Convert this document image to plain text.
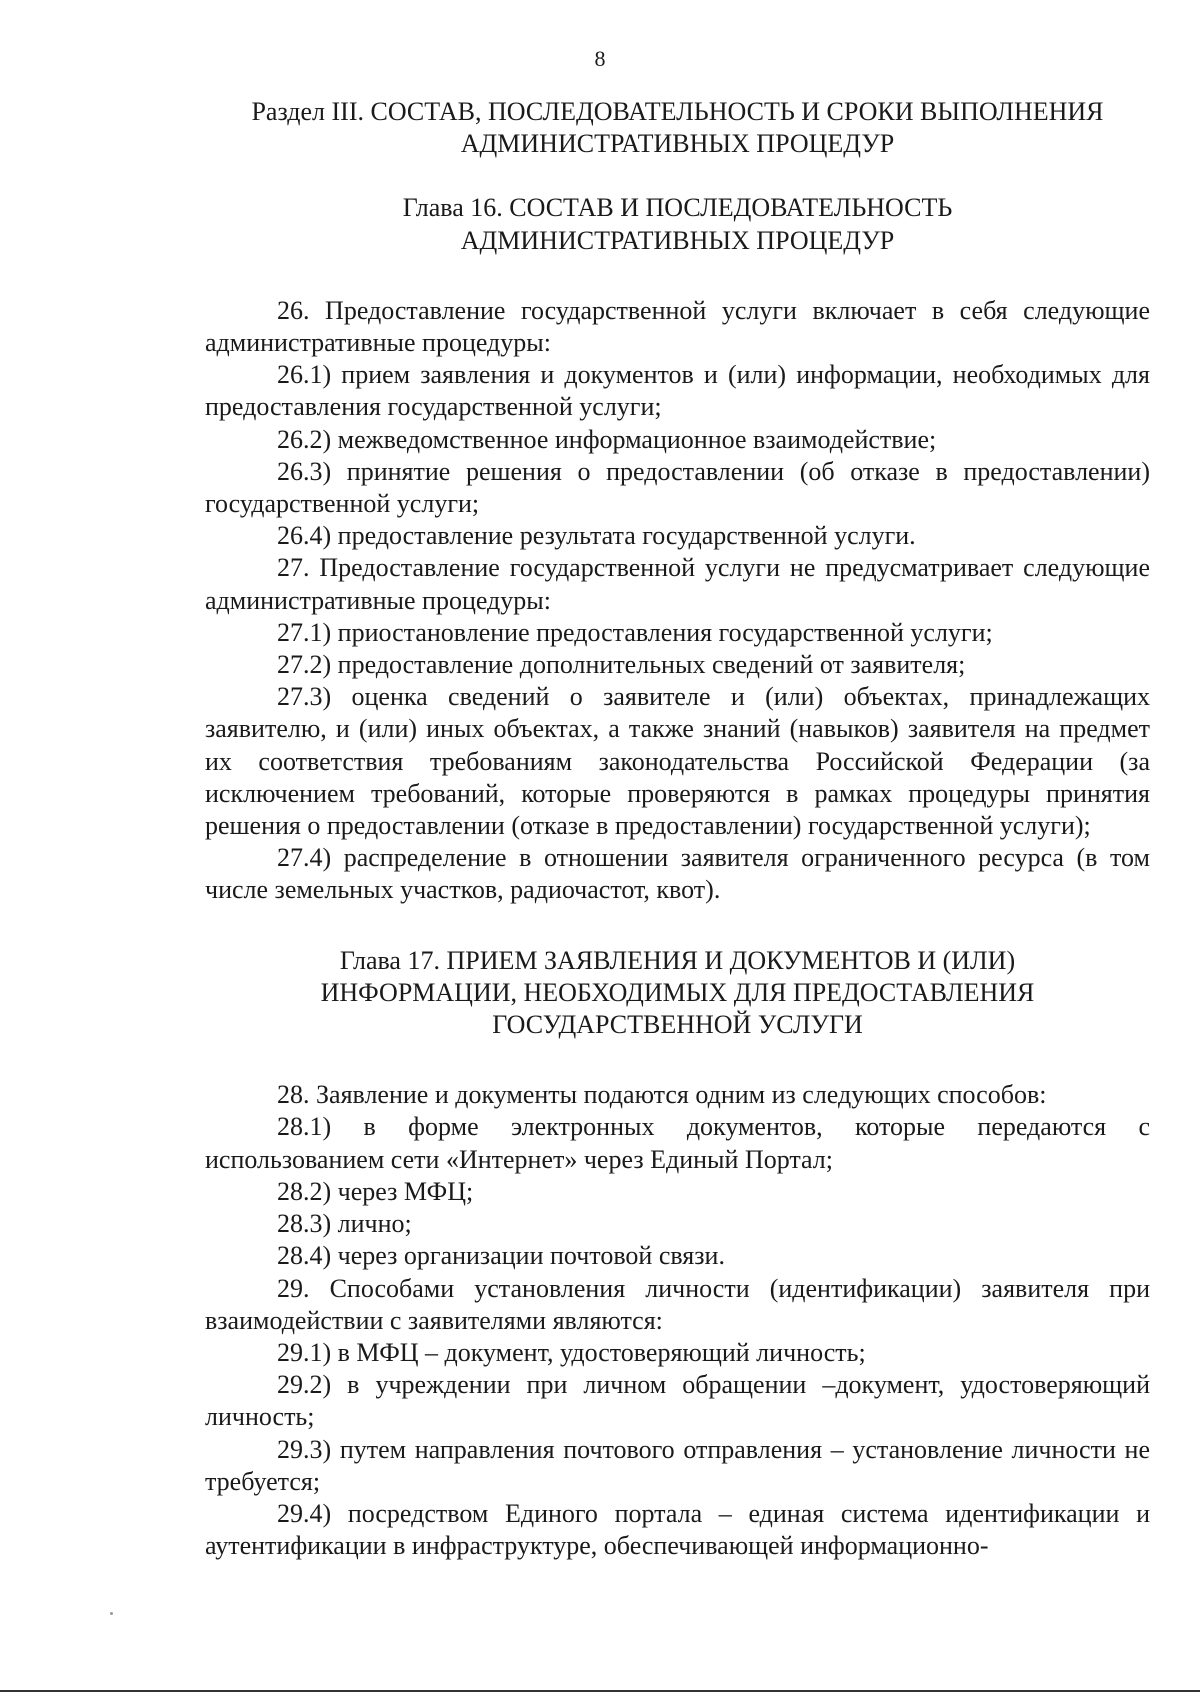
8
Раздел III. СОСТАВ, ПОСЛЕДОВАТЕЛЬНОСТЬ И СРОКИ ВЫПОЛНЕНИЯ
АДМИНИСТРАТИВНЫХ ПРОЦЕДУР
Глава 16. СОСТАВ И ПОСЛЕДОВАТЕЛЬНОСТЬ
АДМИНИСТРАТИВНЫХ ПРОЦЕДУР

26. Предоставление государственной услуги включает в себя следующие административные процедуры:

26.1) прием заявления и документов и (или) информации, необходимых для предоставления государственной услуги;

26.2) межведомственное информационное взаимодействие;

26.3) принятие решения о предоставлении (об отказе в предоставлении) государственной услуги;

26.4) предоставление результата государственной услуги.

27. Предоставление государственной услуги не предусматривает следующие административные процедуры:

27.1) приостановление предоставления государственной услуги;

27.2) предоставление дополнительных сведений от заявителя;

27.3) оценка сведений о заявителе и (или) объектах, принадлежащих заявителю, и (или) иных объектах, а также знаний (навыков) заявителя на предмет их соответствия требованиям законодательства Российской Федерации (за исключением требований, которые проверяются в рамках процедуры принятия решения о предоставлении (отказе в предоставлении) государственной услуги);

27.4) распределение в отношении заявителя ограниченного ресурса (в том числе земельных участков, радиочастот, квот).

Глава 17. ПРИЕМ ЗАЯВЛЕНИЯ И ДОКУМЕНТОВ И (ИЛИ)
ИНФОРМАЦИИ, НЕОБХОДИМЫХ ДЛЯ ПРЕДОСТАВЛЕНИЯ
ГОСУДАРСТВЕННОЙ УСЛУГИ

28. Заявление и документы подаются одним из следующих способов:

28.1) в форме электронных документов, которые передаются с использованием сети «Интернет» через Единый Портал;

28.2) через МФЦ;

28.3) лично;

28.4) через организации почтовой связи.

29. Способами установления личности (идентификации) заявителя при взаимодействии с заявителями являются:

29.1) в МФЦ – документ, удостоверяющий личность;

29.2) в учреждении при личном обращении –документ, удостоверяющий личность;

29.3) путем направления почтового отправления – установление личности не требуется;

29.4) посредством Единого портала – единая система идентификации и аутентификации в инфраструктуре, обеспечивающей информационно-
